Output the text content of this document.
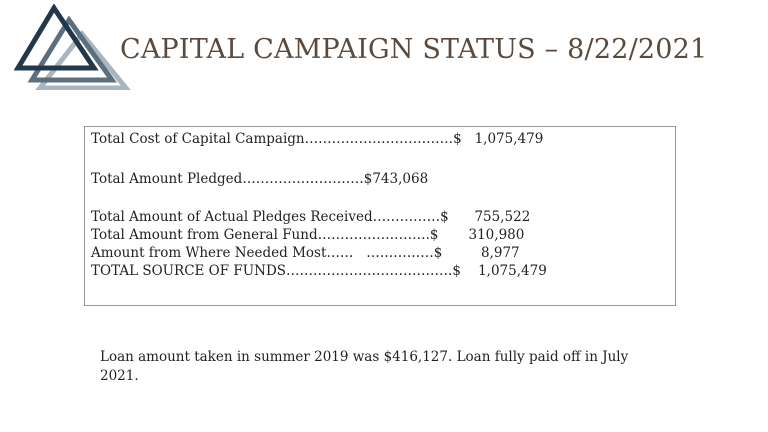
CAPITAL CAMPAIGN STATUS – 8/22/2021
Total Cost of Capital Campaign……………………………$   1,075,479
Total Amount Pledged………………………$743,068
Total Amount of Actual Pledges Received……………$      755,522
Total Amount from General Fund…………………….$       310,980
Amount from Where Needed Most……   ……………$         8,977
TOTAL SOURCE OF FUNDS……………………………….$    1,075,479
Loan amount taken in summer 2019 was $416,127. Loan fully paid off in July 2021.
